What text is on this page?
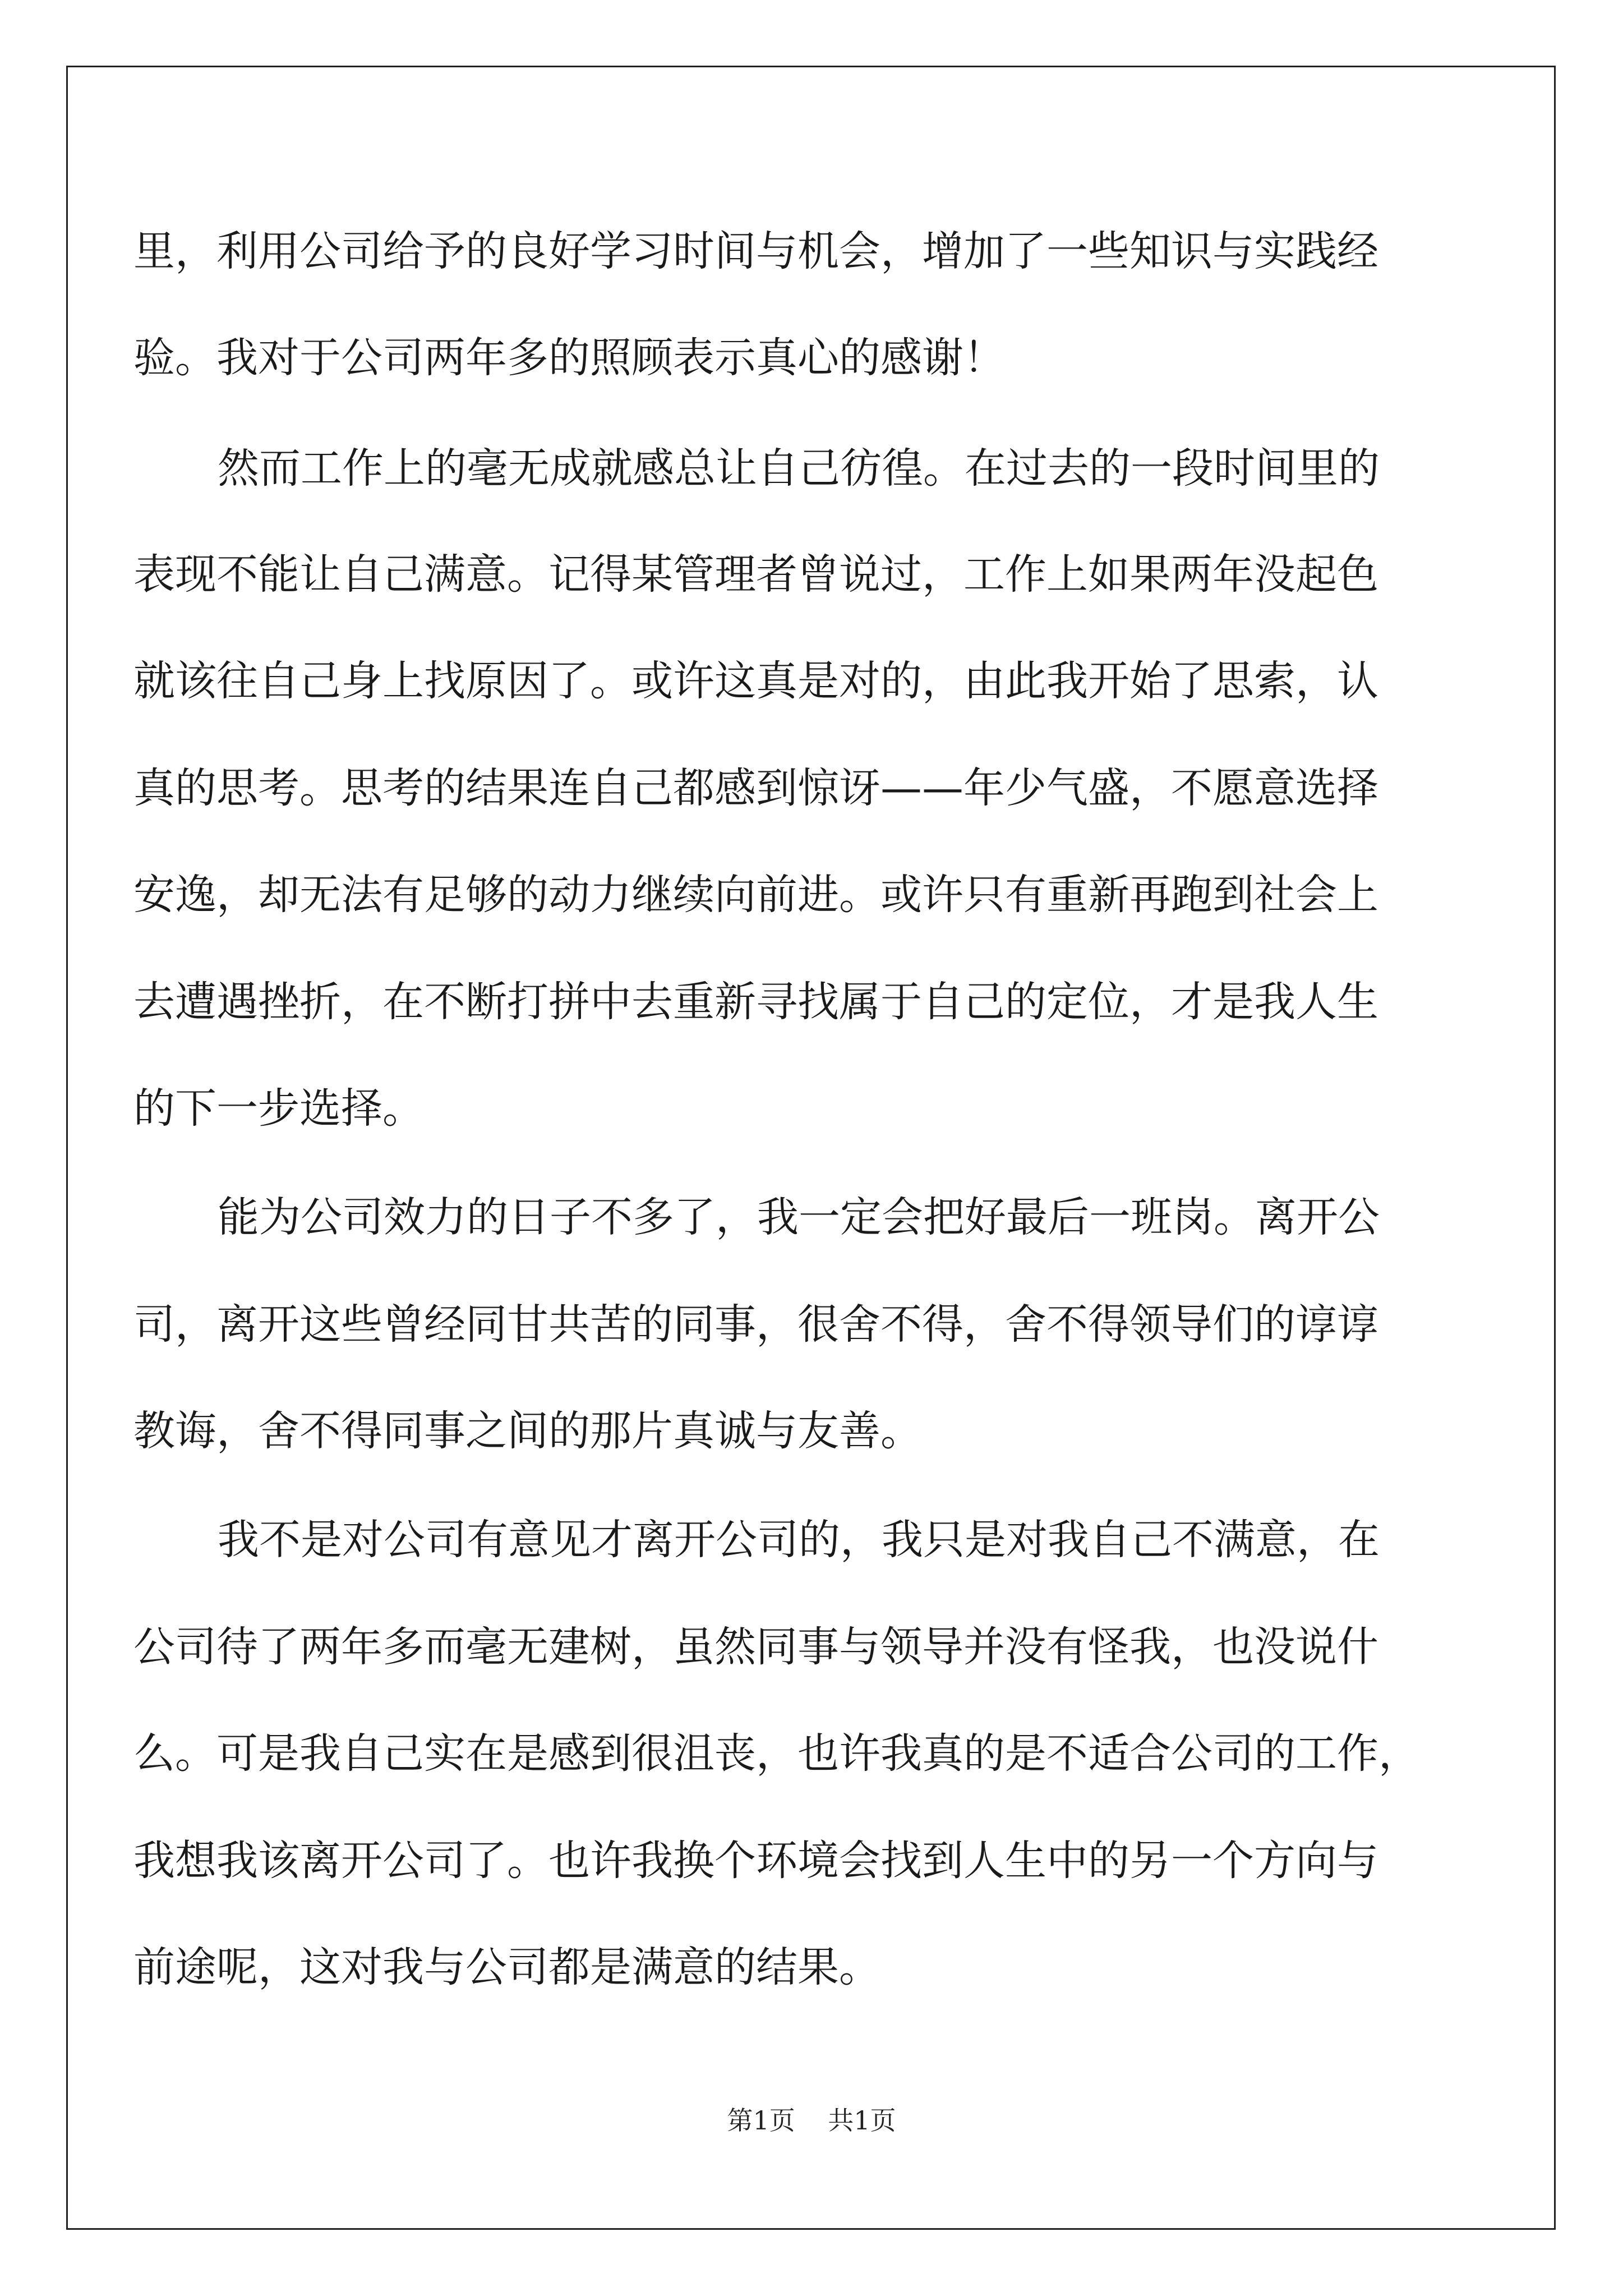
里，利用公司给予的良好学习时间与机会，增加了一些知识与实践经
验。我对于公司两年多的照顾表示真心的感谢！
然而工作上的毫无成就感总让自己彷徨。在过去的一段时间里的
表现不能让自己满意。记得某管理者曾说过，工作上如果两年没起色
就该往自己身上找原因了。或许这真是对的，由此我开始了思索，认
真的思考。思考的结果连自己都感到惊讶——年少气盛，不愿意选择
安逸，却无法有足够的动力继续向前进。或许只有重新再跑到社会上
去遭遇挫折，在不断打拼中去重新寻找属于自己的定位，才是我人生
的下一步选择。
能为公司效力的日子不多了，我一定会把好最后一班岗。离开公
司，离开这些曾经同甘共苦的同事，很舍不得，舍不得领导们的谆谆
教诲，舍不得同事之间的那片真诚与友善。
我不是对公司有意见才离开公司的，我只是对我自己不满意，在
公司待了两年多而毫无建树，虽然同事与领导并没有怪我，也没说什
么。可是我自己实在是感到很沮丧，也许我真的是不适合公司的工作，
我想我该离开公司了。也许我换个环境会找到人生中的另一个方向与
前途呢，这对我与公司都是满意的结果。
第1页 共1页
